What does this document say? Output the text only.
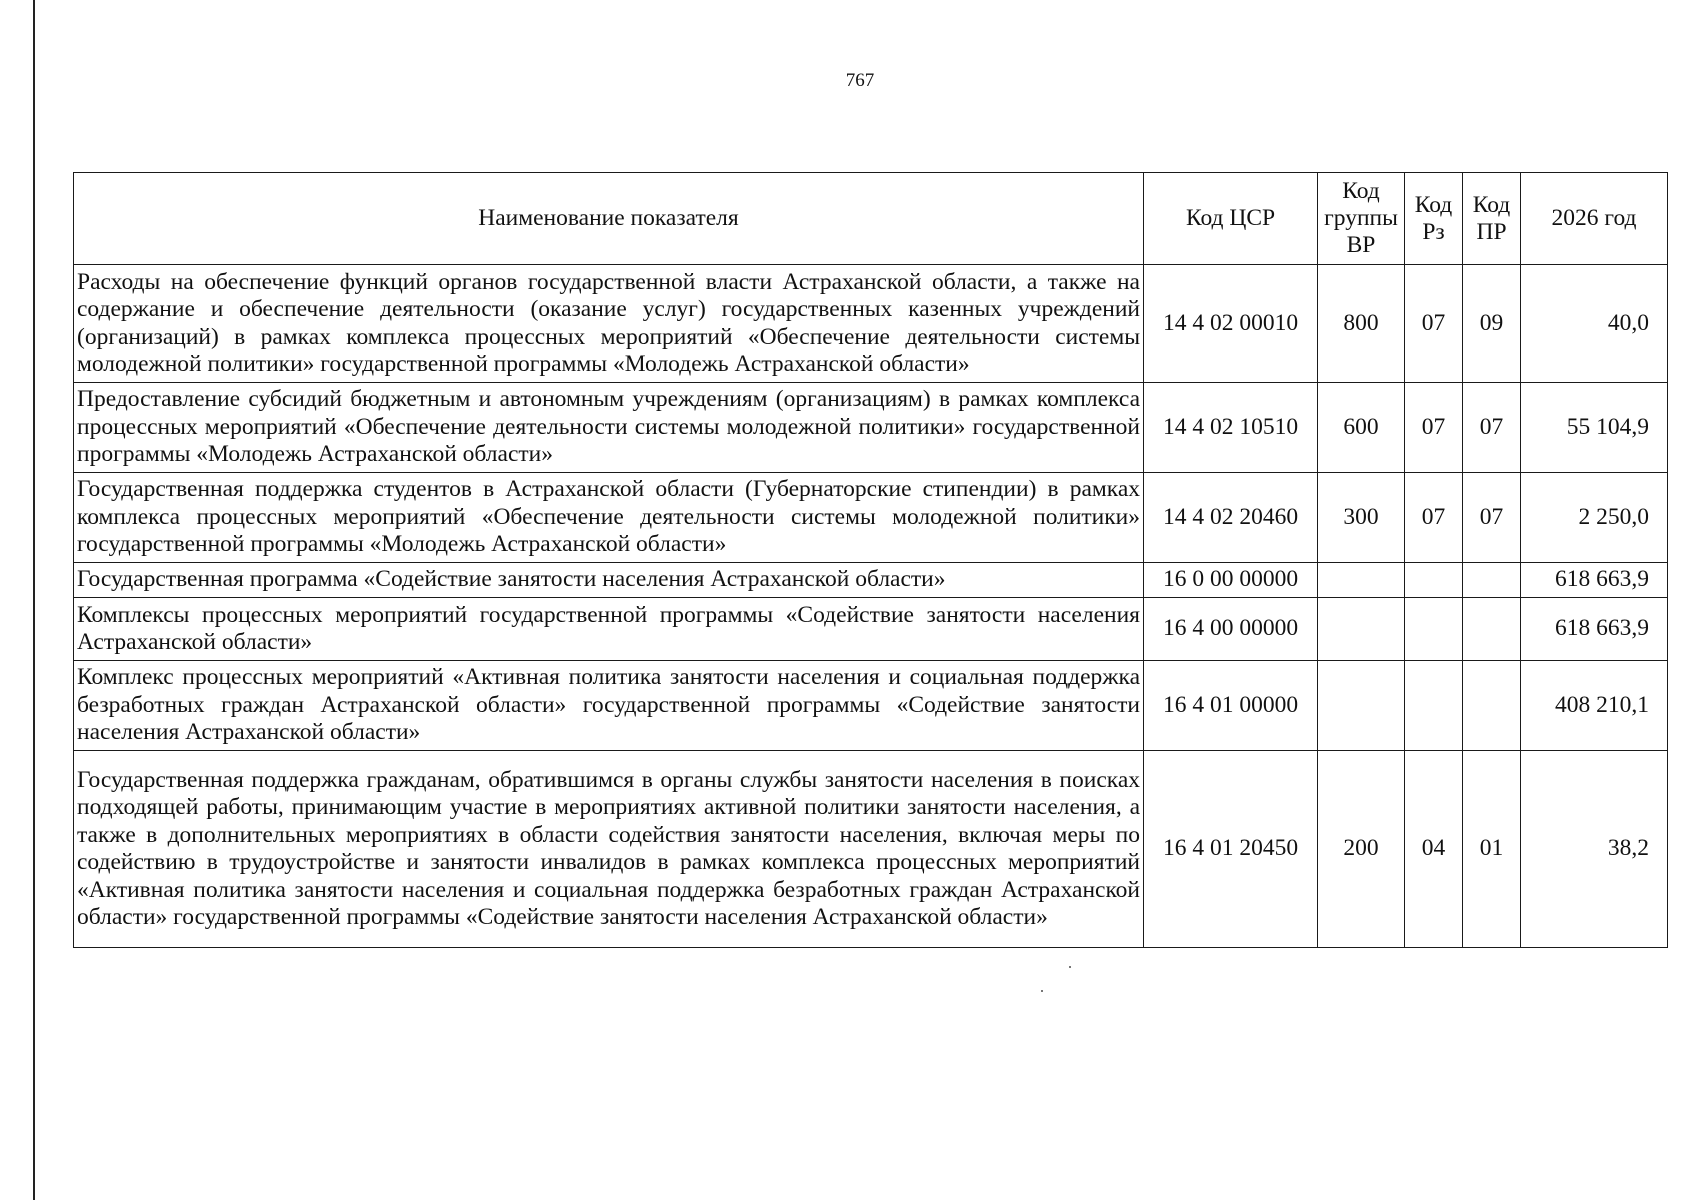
767
Наименование показателя	Код ЦСР	Код группы ВР	Код Рз	Код ПР	2026 год
Расходы на обеспечение функций органов государственной власти Астраханской области, а также на содержание и обеспечение деятельности (оказание услуг) государственных казенных учреждений (организаций) в рамках комплекса процессных мероприятий «Обеспечение деятельности системы молодежной политики» государственной программы «Молодежь Астраханской области»	14 4 02 00010	800	07	09	40,0
Предоставление субсидий бюджетным и автономным учреждениям (организациям) в рамках комплекса процессных мероприятий «Обеспечение деятельности системы молодежной политики» государственной программы «Молодежь Астраханской области»	14 4 02 10510	600	07	07	55 104,9
Государственная поддержка студентов в Астраханской области (Губернаторские стипендии) в рамках комплекса процессных мероприятий «Обеспечение деятельности системы молодежной политики» государственной программы «Молодежь Астраханской области»	14 4 02 20460	300	07	07	2 250,0
Государственная программа «Содействие занятости населения Астраханской области»	16 0 00 00000				618 663,9
Комплексы процессных мероприятий государственной программы «Содействие занятости населения Астраханской области»	16 4 00 00000				618 663,9
Комплекс процессных мероприятий «Активная политика занятости населения и социальная поддержка безработных граждан Астраханской области» государственной программы «Содействие занятости населения Астраханской области»	16 4 01 00000				408 210,1
Государственная поддержка гражданам, обратившимся в органы службы занятости населения в поисках подходящей работы, принимающим участие в мероприятиях активной политики занятости населения, а также в дополнительных мероприятиях в области содействия занятости населения, включая меры по содействию в трудоустройстве и занятости инвалидов в рамках комплекса процессных мероприятий «Активная политика занятости населения и социальная поддержка безработных граждан Астраханской области» государственной программы «Содействие занятости населения Астраханской области»	16 4 01 20450	200	04	01	38,2
